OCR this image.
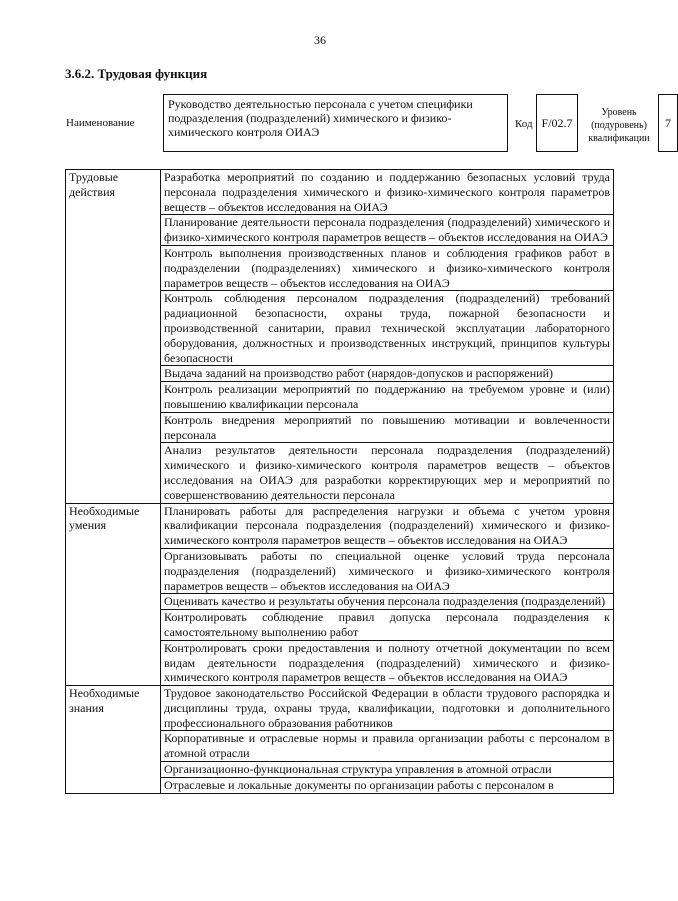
36
3.6.2. Трудовая функция
Наименование
Руководство деятельностью персонала с учетом специфики подразделения (подразделений) химического и физико-химического контроля ОИАЭ
Код F/02.7
Уровень (подуровень) квалификации
7
Трудовые действия	Разработка мероприятий по созданию и поддержанию безопасных условий труда персонала подразделения химического и физико-химического контроля параметров веществ – объектов исследования на ОИАЭ
	Планирование деятельности персонала подразделения (подразделений) химического и физико-химического контроля параметров веществ – объектов исследования на ОИАЭ
	Контроль выполнения производственных планов и соблюдения графиков работ в подразделении (подразделениях) химического и физико-химического контроля параметров веществ – объектов исследования на ОИАЭ
	Контроль соблюдения персоналом подразделения (подразделений) требований радиационной безопасности, охраны труда, пожарной безопасности и производственной санитарии, правил технической эксплуатации лабораторного оборудования, должностных и производственных инструкций, принципов культуры безопасности
	Выдача заданий на производство работ (нарядов-допусков и распоряжений)
	Контроль реализации мероприятий по поддержанию на требуемом уровне и (или) повышению квалификации персонала
	Контроль внедрения мероприятий по повышению мотивации и вовлеченности персонала
	Анализ результатов деятельности персонала подразделения (подразделений) химического и физико-химического контроля параметров веществ – объектов исследования на ОИАЭ для разработки корректирующих мер и мероприятий по совершенствованию деятельности персонала
Необходимые умения	Планировать работы для распределения нагрузки и объема с учетом уровня квалификации персонала подразделения (подразделений) химического и физико-химического контроля параметров веществ – объектов исследования на ОИАЭ
	Организовывать работы по специальной оценке условий труда персонала подразделения (подразделений) химического и физико-химического контроля параметров веществ – объектов исследования на ОИАЭ
	Оценивать качество и результаты обучения персонала подразделения (подразделений)
	Контролировать соблюдение правил допуска персонала подразделения к самостоятельному выполнению работ
	Контролировать сроки предоставления и полноту отчетной документации по всем видам деятельности подразделения (подразделений) химического и физико-химического контроля параметров веществ – объектов исследования на ОИАЭ
Необходимые знания	Трудовое законодательство Российской Федерации в области трудового распорядка и дисциплины труда, охраны труда, квалификации, подготовки и дополнительного профессионального образования работников
	Корпоративные и отраслевые нормы и правила организации работы с персоналом в атомной отрасли
	Организационно-функциональная структура управления в атомной отрасли
	Отраслевые и локальные документы по организации работы с персоналом в
